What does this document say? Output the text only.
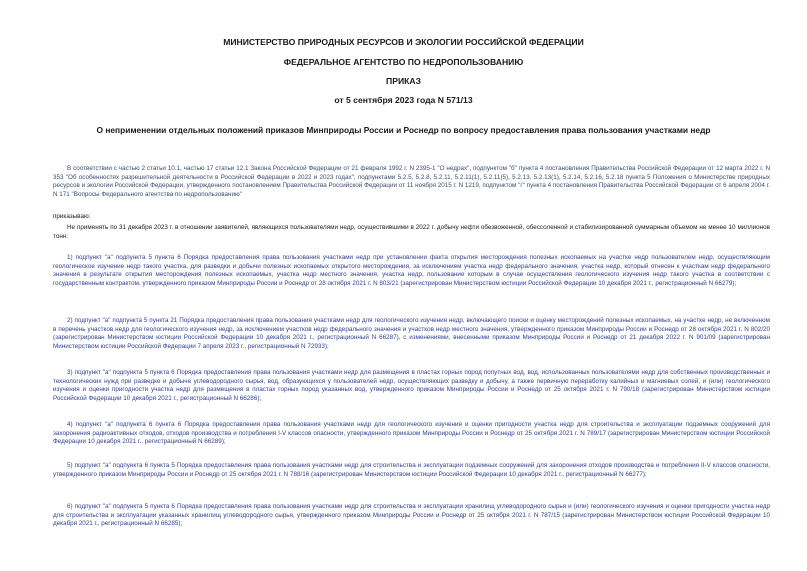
МИНИСТЕРСТВО ПРИРОДНЫХ РЕСУРСОВ И ЭКОЛОГИИ РОССИЙСКОЙ ФЕДЕРАЦИИ
ФЕДЕРАЛЬНОЕ АГЕНТСТВО ПО НЕДРОПОЛЬЗОВАНИЮ
ПРИКАЗ
от 5 сентября 2023 года N 571/13
О неприменении отдельных положений приказов Минприроды России и Роснедр по вопросу предоставления права пользования участками недр

В соответствии с частью 2 статьи 10.1, частью 17 статьи 12.1 Закона Российской Федерации от 21 февраля 1992 г. N 2395-1 "О недрах", подпунктом "б" пункта 4 постановления Правительства Российской Федерации от 12 марта 2022 г. N 353 "Об особенностях разрешительной деятельности в Российской Федерации в 2022 и 2023 годах", подпунктами 5.2.5, 5.2.8, 5.2.11, 5.2.11(1), 5.2.11(5), 5.2.13, 5.2.13(1), 5.2.14, 5.2.16, 5.2.18 пункта 5 Положения о Министерстве природных ресурсов и экологии Российской Федерации, утвержденного постановлением Правительства Российской Федерации от 11 ноября 2015 г. N 1219, подпунктом "г" пункта 4 постановления Правительства Российской Федерации от 6 апреля 2004 г. N 171 "Вопросы Федерального агентства по недропользованию"

приказываю:

Не применять по 31 декабря 2023 г. в отношении заявителей, являющихся пользователями недр, осуществившими в 2022 г. добычу нефти обезвоженной, обессоленной и стабилизированной суммарным объемом не менее 10 миллионов тонн:

1) подпункт "а" подпункта 5 пункта 6 Порядка предоставления права пользования участками недр при установлении факта открытия месторождения полезных ископаемых на участке недр пользователем недр, осуществляющим геологическое изучение недр такого участка, для разведки и добычи полезных ископаемых открытого месторождения, за исключением участка недр федерального значения, участка недр, который отнесен к участкам недр федерального значения в результате открытия месторождения полезных ископаемых, участка недр местного значения, участка недр, пользование которым в случае осуществления геологического изучения недр такого участка в соответствии с государственным контрактом, утвержденного приказом Минприроды России и Роснедр от 28 октября 2021 г. N 803/21 (зарегистрирован Министерством юстиции Российской Федерации 10 декабря 2021 г., регистрационный N 66279);

2) подпункт "а" подпункта 5 пункта 21 Порядка предоставления права пользования участками недр для геологического изучения недр, включающего поиски и оценку месторождений полезных ископаемых, на участке недр, не включенном в перечень участков недр для геологического изучения недр, за исключением участков недр федерального значения и участков недр местного значения, утвержденного приказом Минприроды России и Роснедр от 28 октября 2021 г. N 802/20 (зарегистрирован Министерством юстиции Российской Федерации 10 декабря 2021 г., регистрационный N 66287), с изменениями, внесенными приказом Минприроды России и Роснедр от 21 декабря 2022 г. N 901/09 (зарегистрирован Министерством юстиции Российской Федерации 7 апреля 2023 г., регистрационный N 72933);

3) подпункт "а" подпункта 5 пункта 6 Порядка предоставления права пользования участками недр для размещения в пластах горных пород попутных вод, вод, использованных пользователями недр для собственных производственных и технологических нужд при разведке и добыче углеводородного сырья, вод, образующихся у пользователей недр, осуществляющих разведку и добычу, а также первичную переработку калийных и магниевых солей, и (или) геологического изучения и оценки пригодности участка недр для размещения в пластах горных пород указанных вод, утвержденного приказом Минприроды России и Роснедр от 25 октября 2021 г. N 790/18 (зарегистрирован Министерством юстиции Российской Федерации 10 декабря 2021 г., регистрационный N 66286);

4) подпункт "а" подпункта 6 пункта 6 Порядка предоставления права пользования участками недр для геологического изучения и оценки пригодности участка недр для строительства и эксплуатации подземных сооружений для захоронения радиоактивных отходов, отходов производства и потребления I-V классов опасности, утвержденного приказом Минприроды России и Роснедр от 25 октября 2021 г. N 789/17 (зарегистрирован Министерством юстиции Российской Федерации 10 декабря 2021 г., регистрационный N 66289);

5) подпункт "а" подпункта 6 пункта 5 Порядка предоставления права пользования участками недр для строительства и эксплуатации подземных сооружений для захоронения отходов производства и потребления II-V классов опасности, утвержденного приказом Минприроды России и Роснедр от 25 октября 2021 г. N 788/16 (зарегистрирован Министерством юстиции Российской Федерации 10 декабря 2021 г., регистрационный N 66277);

6) подпункт "а" подпункта 5 пункта 6 Порядка предоставления права пользования участками недр для строительства и эксплуатации хранилищ углеводородного сырья и (или) геологического изучения и оценки пригодности участка недр для строительства и эксплуатации указанных хранилищ углеводородного сырья, утвержденного приказом Минприроды России и Роснедр от 25 октября 2021 г. N 787/15 (зарегистрирован Министерством юстиции Российской Федерации 10 декабря 2021 г., регистрационный N 66285);
